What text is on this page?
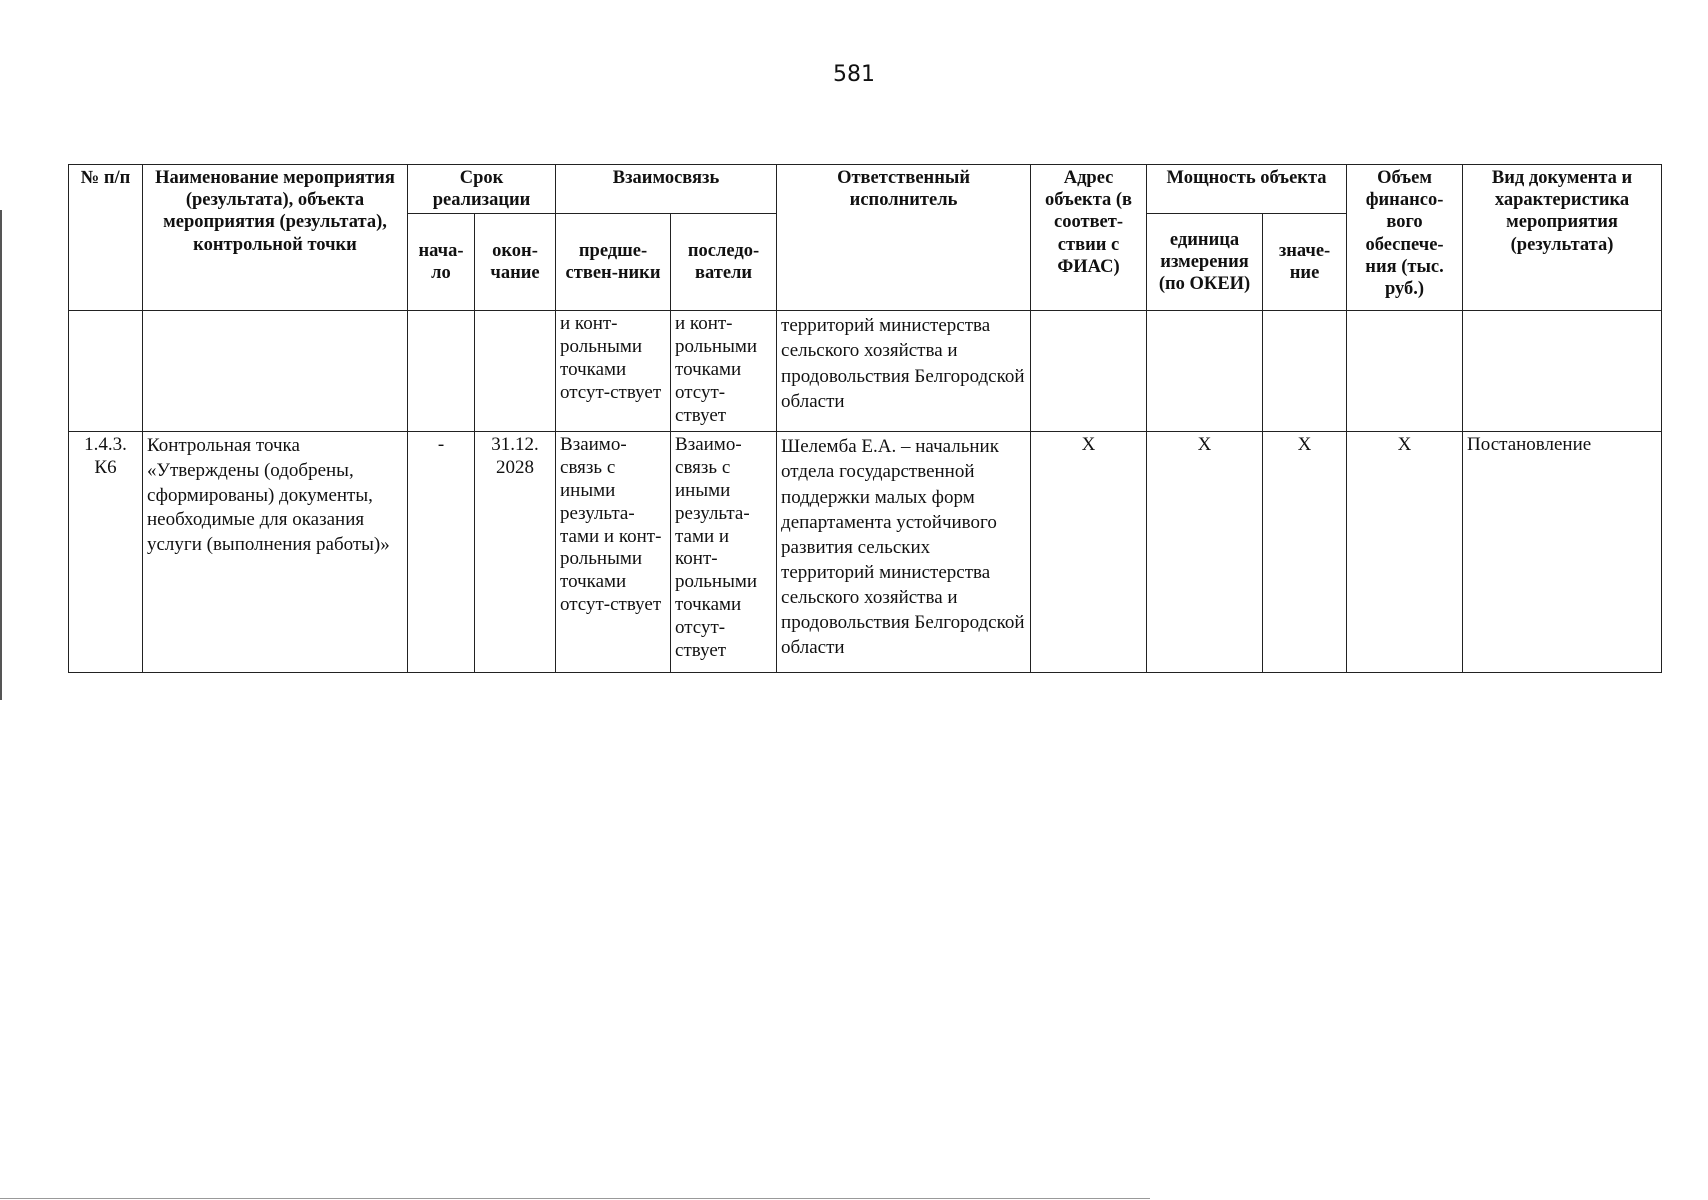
581
№ п/п	Наименование мероприятия (результата), объекта мероприятия (результата), контрольной точки	Срок реализации		Взаимосвязь		Ответственный исполнитель	Адрес объекта (в соответ-ствии с ФИАС)	Мощность объекта		Объем финансо-вого обеспече-ния (тыс. руб.)	Вид документа и характеристика мероприятия (результата)
		нача-ло	окон-чание	предше-ствен-ники	последо-ватели			единица измерения (по ОКЕИ)	значе-ние		
				и конт-рольными точками отсут-ствует	и конт-рольными точками отсут-ствует	территорий министерства сельского хозяйства и продовольствия Белгородской области					
1.4.3. К6	Контрольная точка «Утверждены (одобрены, сформированы) документы, необходимые для оказания услуги (выполнения работы)»	-	31.12. 2028	Взаимо-связь с иными результа-тами и конт-рольными точками отсут-ствует	Взаимо-связь с иными результа-тами и конт-рольными точками отсут-ствует	Шелемба Е.А. – начальник отдела государственной поддержки малых форм департамента устойчивого развития сельских территорий министерства сельского хозяйства и продовольствия Белгородской области	X	X	X	X	Постановление
